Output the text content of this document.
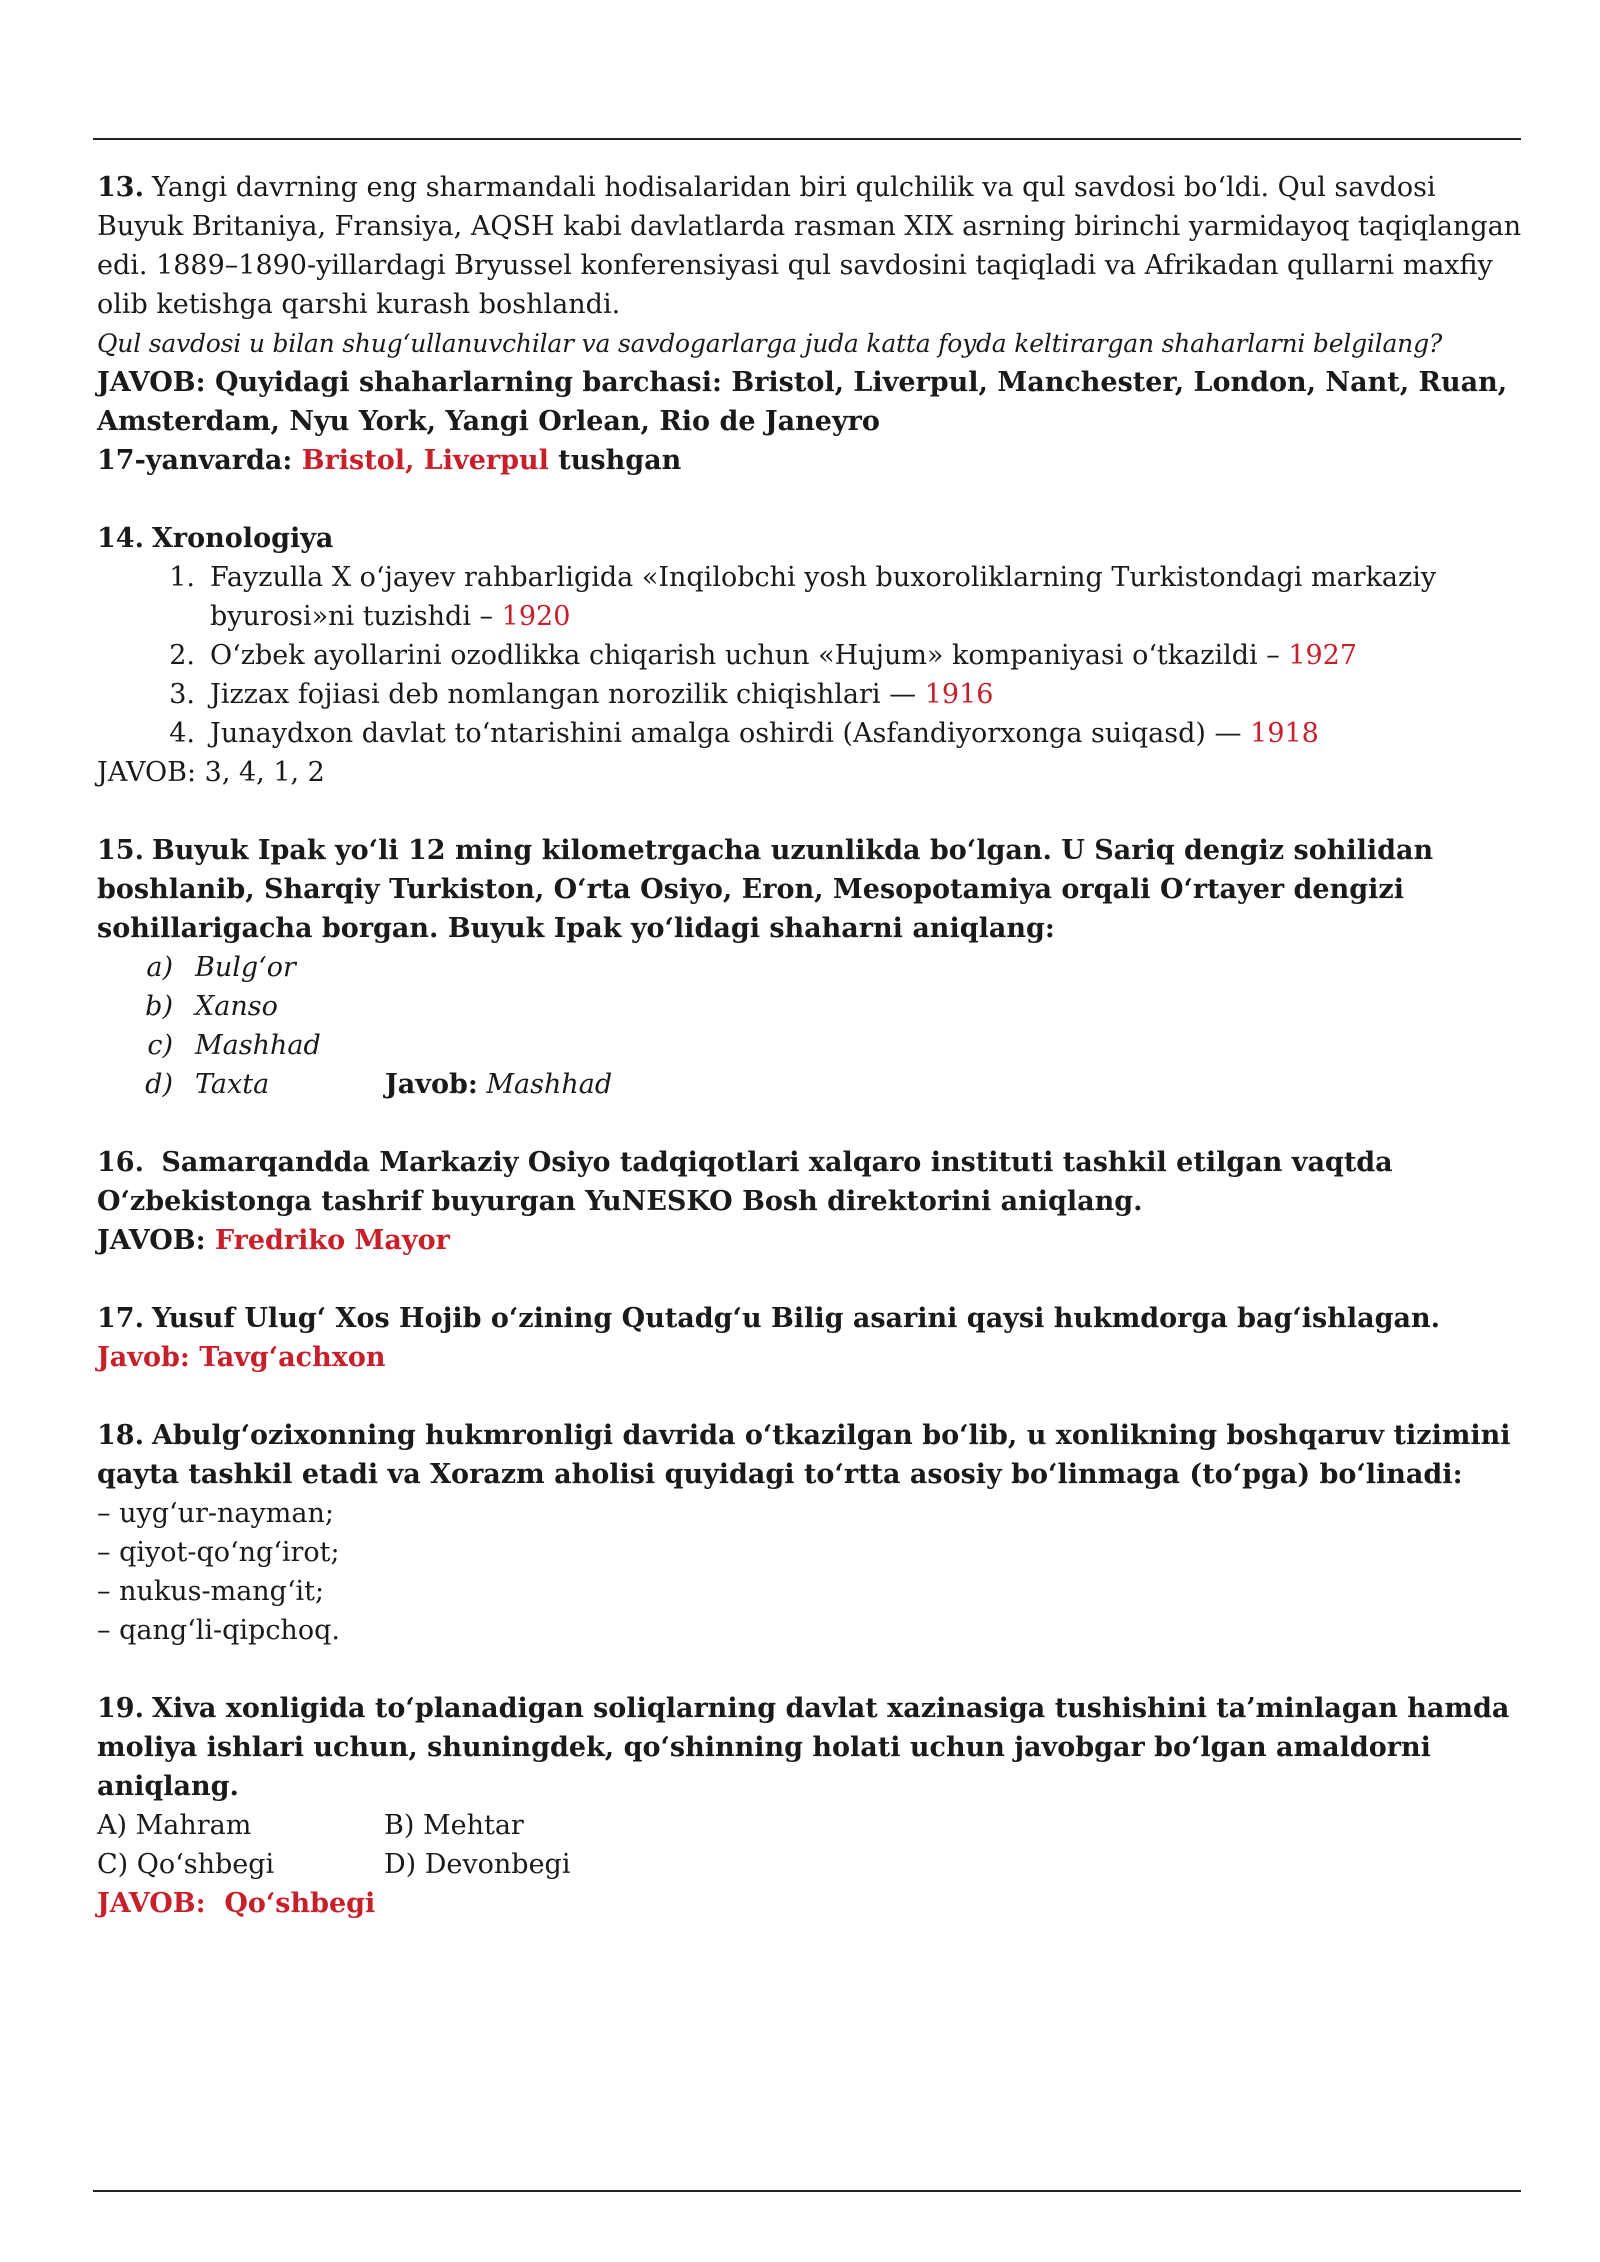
13. Yangi davrning eng sharmandali hodisalaridan biri qulchilik va qul savdosi bo‘ldi. Qul savdosi Buyuk Britaniya, Fransiya, AQSH kabi davlatlarda rasman XIX asrning birinchi yarmidayoq taqiqlangan edi. 1889–1890-yillardagi Bryussel konferensiyasi qul savdosini taqiqladi va Afrikadan qullarni maxfiy olib ketishga qarshi kurash boshlandi.
Qul savdosi u bilan shug‘ullanuvchilar va savdogarlarga juda katta foyda keltirargan shaharlarni belgilang?
JAVOB: Quyidagi shaharlarning barchasi: Bristol, Liverpul, Manchester, London, Nant, Ruan, Amsterdam, Nyu York, Yangi Orlean, Rio de Janeyro
17-yanvarda: Bristol, Liverpul tushgan
14. Xronologiya
1. Fayzulla X o‘jayev rahbarligida «Inqilobchi yosh buxoroliklarning Turkistondagi markaziy byurosi»ni tuzishdi – 1920
2. O‘zbek ayollarini ozodlikka chiqarish uchun «Hujum» kompaniyasi o‘tkazildi – 1927
3. Jizzax fojiasi deb nomlangan norozilik chiqishlari — 1916
4. Junaydxon davlat to‘ntarishini amalga oshirdi (Asfandiyorxonga suiqasd) — 1918
JAVOB: 3, 4, 1, 2
15. Buyuk Ipak yo‘li 12 ming kilometrgacha uzunlikda bo‘lgan. U Sariq dengiz sohilidan boshlanib, Sharqiy Turkiston, O‘rta Osiyo, Eron, Mesopotamiya orqali O‘rtayer dengizi sohillarigacha borgan. Buyuk Ipak yo‘lidagi shaharni aniqlang:
a) Bulg‘or
b) Xanso
c) Mashhad
d) Taxta	Javob: Mashhad
16. Samarqandda Markaziy Osiyo tadqiqotlari xalqaro instituti tashkil etilgan vaqtda O‘zbekistonga tashrif buyurgan YuNESKO Bosh direktorini aniqlang.
JAVOB: Fredriko Mayor
17. Yusuf Ulug‘ Xos Hojib o‘zining Qutadg‘u Bilig asarini qaysi hukmdorga bag‘ishlagan.
Javob: Tavg‘achxon
18. Abulg‘ozixonning hukmronligi davrida o‘tkazilgan bo‘lib, u xonlikning boshqaruv tizimini qayta tashkil etadi va Xorazm aholisi quyidagi to‘rtta asosiy bo‘linmaga (to‘pga) bo‘linadi:
– uyg‘ur-nayman;
– qiyot-qo‘ng‘irot;
– nukus-mang‘it;
– qang‘li-qipchoq.
19. Xiva xonligida to‘planadigan soliqlarning davlat xazinasiga tushishini ta’minlagan hamda moliya ishlari uchun, shuningdek, qo‘shinning holati uchun javobgar bo‘lgan amaldorni aniqlang.
A) Mahram	B) Mehtar
C) Qo‘shbegi	D) Devonbegi
JAVOB:  Qo‘shbegi
